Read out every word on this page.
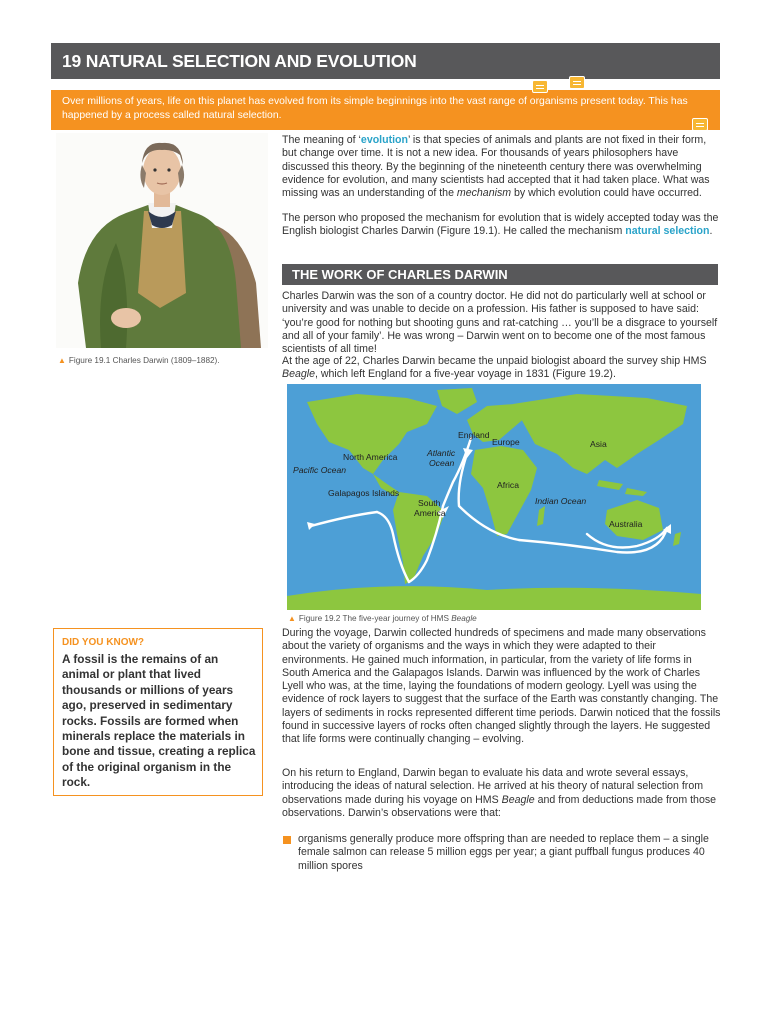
19 NATURAL SELECTION AND EVOLUTION
Over millions of years, life on this planet has evolved from its simple beginnings into the vast range of organisms present today. This has happened by a process called natural selection.
▲ Figure 19.1 Charles Darwin (1809–1882).

The meaning of ‘evolution’ is that species of animals and plants are not fixed in their form, but change over time. It is not a new idea. For thousands of years philosophers have discussed this theory. By the beginning of the nineteenth century there was overwhelming evidence for evolution, and many scientists had accepted that it had taken place. What was missing was an understanding of the mechanism by which evolution could have occurred.

The person who proposed the mechanism for evolution that is widely accepted today was the English biologist Charles Darwin (Figure 19.1). He called the mechanism natural selection.

THE WORK OF CHARLES DARWIN

Charles Darwin was the son of a country doctor. He did not do particularly well at school or university and was unable to decide on a profession. His father is supposed to have said: ‘you’re good for nothing but shooting guns and rat-catching … you’ll be a disgrace to yourself and all of your family’. He was wrong – Darwin went on to become one of the most famous scientists of all time!

At the age of 22, Charles Darwin became the unpaid biologist aboard the survey ship HMS Beagle, which left England for a five-year voyage in 1831 (Figure 19.2).

England
Europe	Asia
North America	Atlantic
Ocean
Pacific Ocean
Africa
Galapagos Islands
South
America
Indian Ocean
Australia
▲ Figure 19.2 The five-year journey of HMS Beagle
DID YOU KNOW?
A fossil is the remains of an animal or plant that lived thousands or millions of years ago, preserved in sedimentary rocks. Fossils are formed when minerals replace the materials in bone and tissue, creating a replica of the original organism in the rock.

During the voyage, Darwin collected hundreds of specimens and made many observations about the variety of organisms and the ways in which they were adapted to their environments. He gained much information, in particular, from the variety of life forms in South America and the Galapagos Islands. Darwin was influenced by the work of Charles Lyell who was, at the time, laying the foundations of modern geology. Lyell was using the evidence of rock layers to suggest that the surface of the Earth was constantly changing. The layers of sediments in rocks represented different time periods. Darwin noticed that the fossils found in successive layers of rocks often changed slightly through the layers. He suggested that life forms were continually changing – evolving.

On his return to England, Darwin began to evaluate his data and wrote several essays, introducing the ideas of natural selection. He arrived at his theory of natural selection from observations made during his voyage on HMS Beagle and from deductions made from those observations. Darwin’s observations were that:

organisms generally produce more offspring than are needed to replace them – a single female salmon can release 5 million eggs per year; a giant puffball fungus produces 40 million spores
